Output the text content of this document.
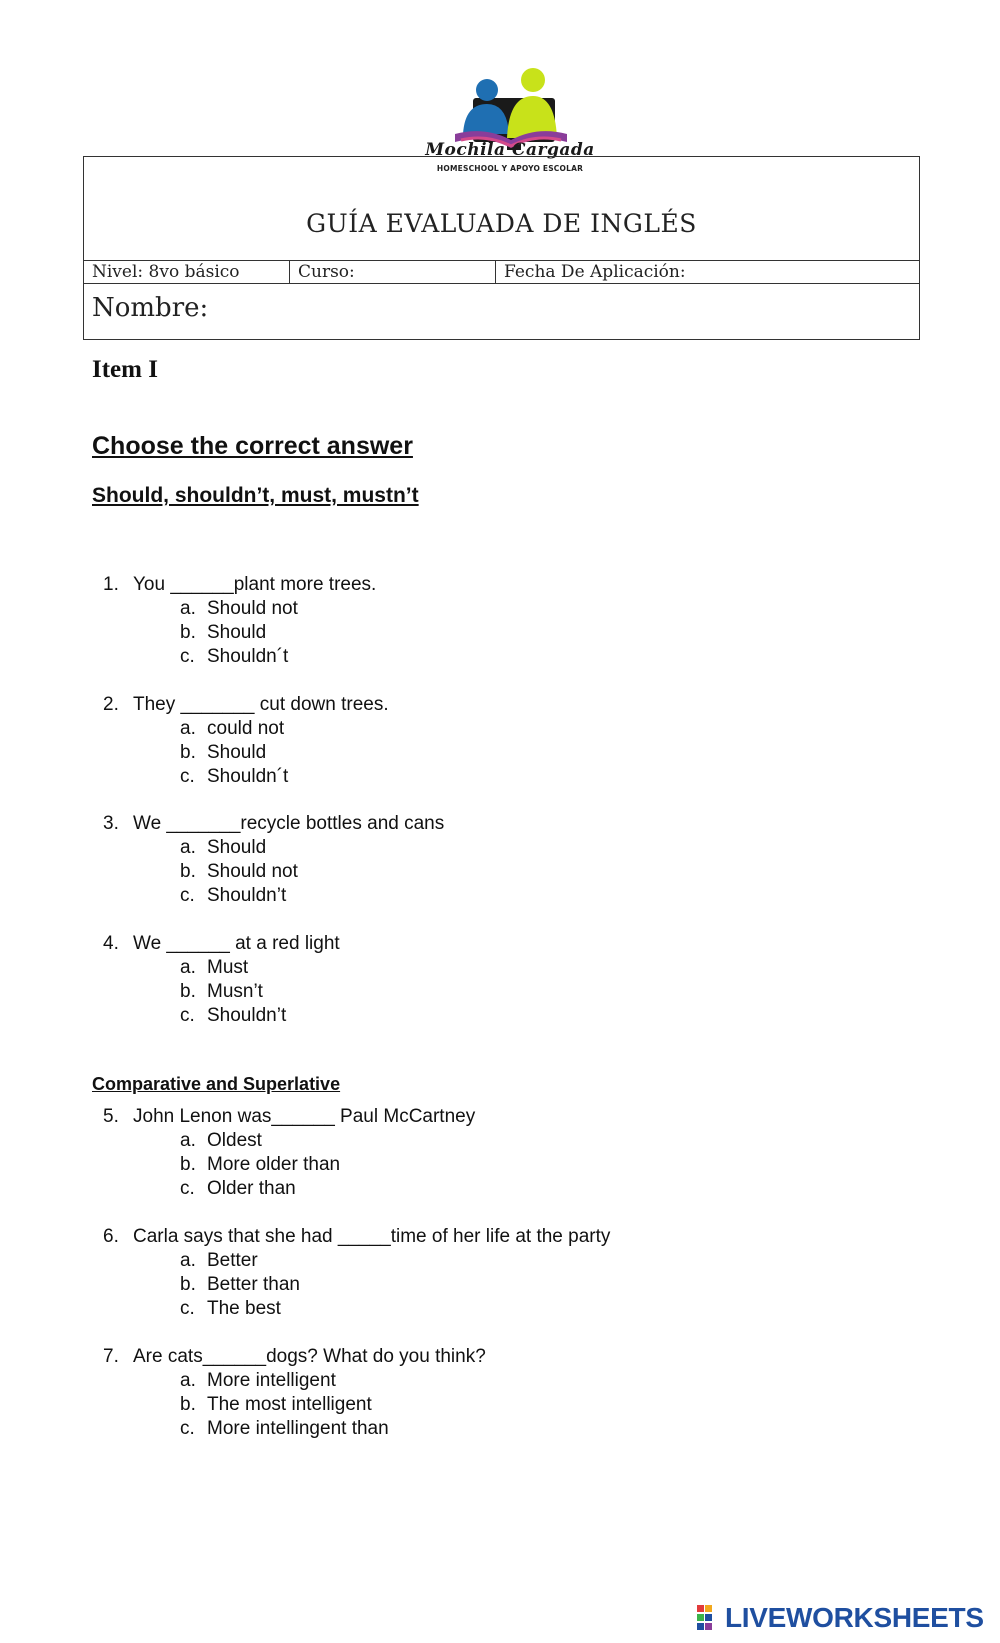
Mochila Cargada
HOMESCHOOL Y APOYO ESCOLAR
GUÍA EVALUADA DE INGLÉS
Nivel: 8vo básico	Curso:	Fecha De Aplicación:
Nombre:
Item I
Choose the correct answer
Should, shouldn’t, must, mustn’t
Comparative and Superlative
1. You ______plant more trees.
a. Should not
b. Should
c. Shouldn´t
2. They _______ cut down trees.
a. could not
b. Should
c. Shouldn´t
3. We _______recycle bottles and cans
a. Should
b. Should not
c. Shouldn’t
4. We ______ at a red light
a. Must
b. Musn’t
c. Shouldn’t
5. John Lenon was______ Paul McCartney
a. Oldest
b. More older than
c. Older than
6. Carla says that she had _____time of her life at the party
a. Better
b. Better than
c. The best
7. Are cats______dogs? What do you think?
a. More intelligent
b. The most intelligent
c. More intellingent than
LIVEWORKSHEETS
